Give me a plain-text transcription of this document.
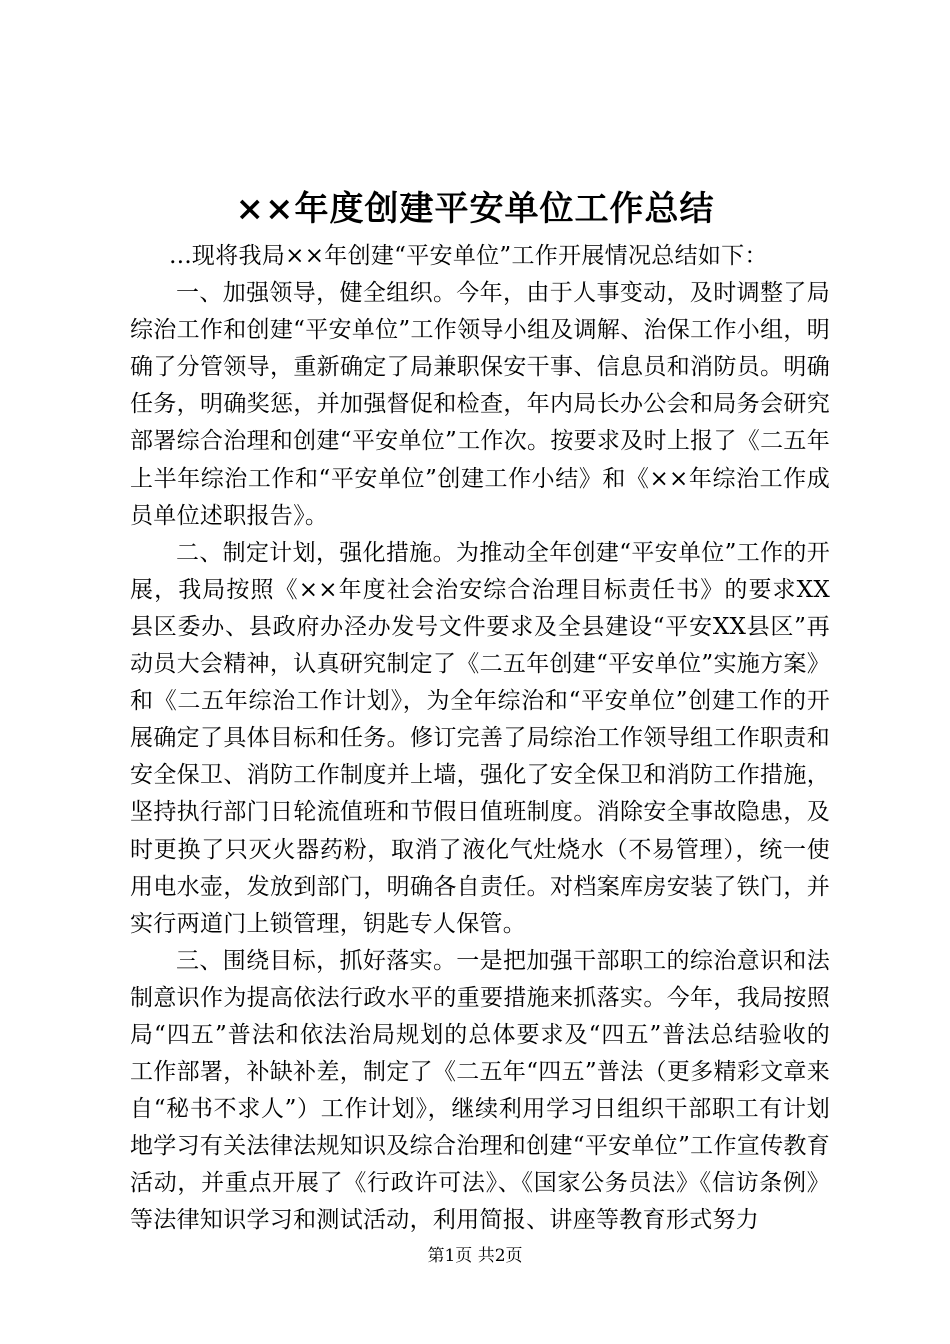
××年度创建平安单位工作总结

...现将我局××年创建“平安单位”工作开展情况总结如下：

一、加强领导，健全组织。今年，由于人事变动，及时调整了局综治工作和创建“平安单位”工作领导小组及调解、治保工作小组，明确了分管领导，重新确定了局兼职保安干事、信息员和消防员。明确任务，明确奖惩，并加强督促和检查，年内局长办公会和局务会研究部署综合治理和创建“平安单位”工作次。按要求及时上报了《二五年上半年综治工作和“平安单位”创建工作小结》和《××年综治工作成员单位述职报告》。

二、制定计划，强化措施。为推动全年创建“平安单位”工作的开展，我局按照《××年度社会治安综合治理目标责任书》的要求XX县区委办、县政府办泾办发号文件要求及全县建设“平安XX县区”再动员大会精神，认真研究制定了《二五年创建“平安单位”实施方案》和《二五年综治工作计划》，为全年综治和“平安单位”创建工作的开展确定了具体目标和任务。修订完善了局综治工作领导组工作职责和安全保卫、消防工作制度并上墙，强化了安全保卫和消防工作措施，坚持执行部门日轮流值班和节假日值班制度。消除安全事故隐患，及时更换了只灭火器药粉，取消了液化气灶烧水（不易管理），统一使用电水壶，发放到部门，明确各自责任。对档案库房安装了铁门，并实行两道门上锁管理，钥匙专人保管。

三、围绕目标，抓好落实。一是把加强干部职工的综治意识和法制意识作为提高依法行政水平的重要措施来抓落实。今年，我局按照局“四五”普法和依法治局规划的总体要求及“四五”普法总结验收的工作部署，补缺补差，制定了《二五年“四五”普法（更多精彩文章来自“秘书不求人”）工作计划》，继续利用学习日组织干部职工有计划地学习有关法律法规知识及综合治理和创建“平安单位”工作宣传教育活动，并重点开展了《行政许可法》、《国家公务员法》《信访条例》等法律知识学习和测试活动，利用简报、讲座等教育形式努力

第1页 共2页
